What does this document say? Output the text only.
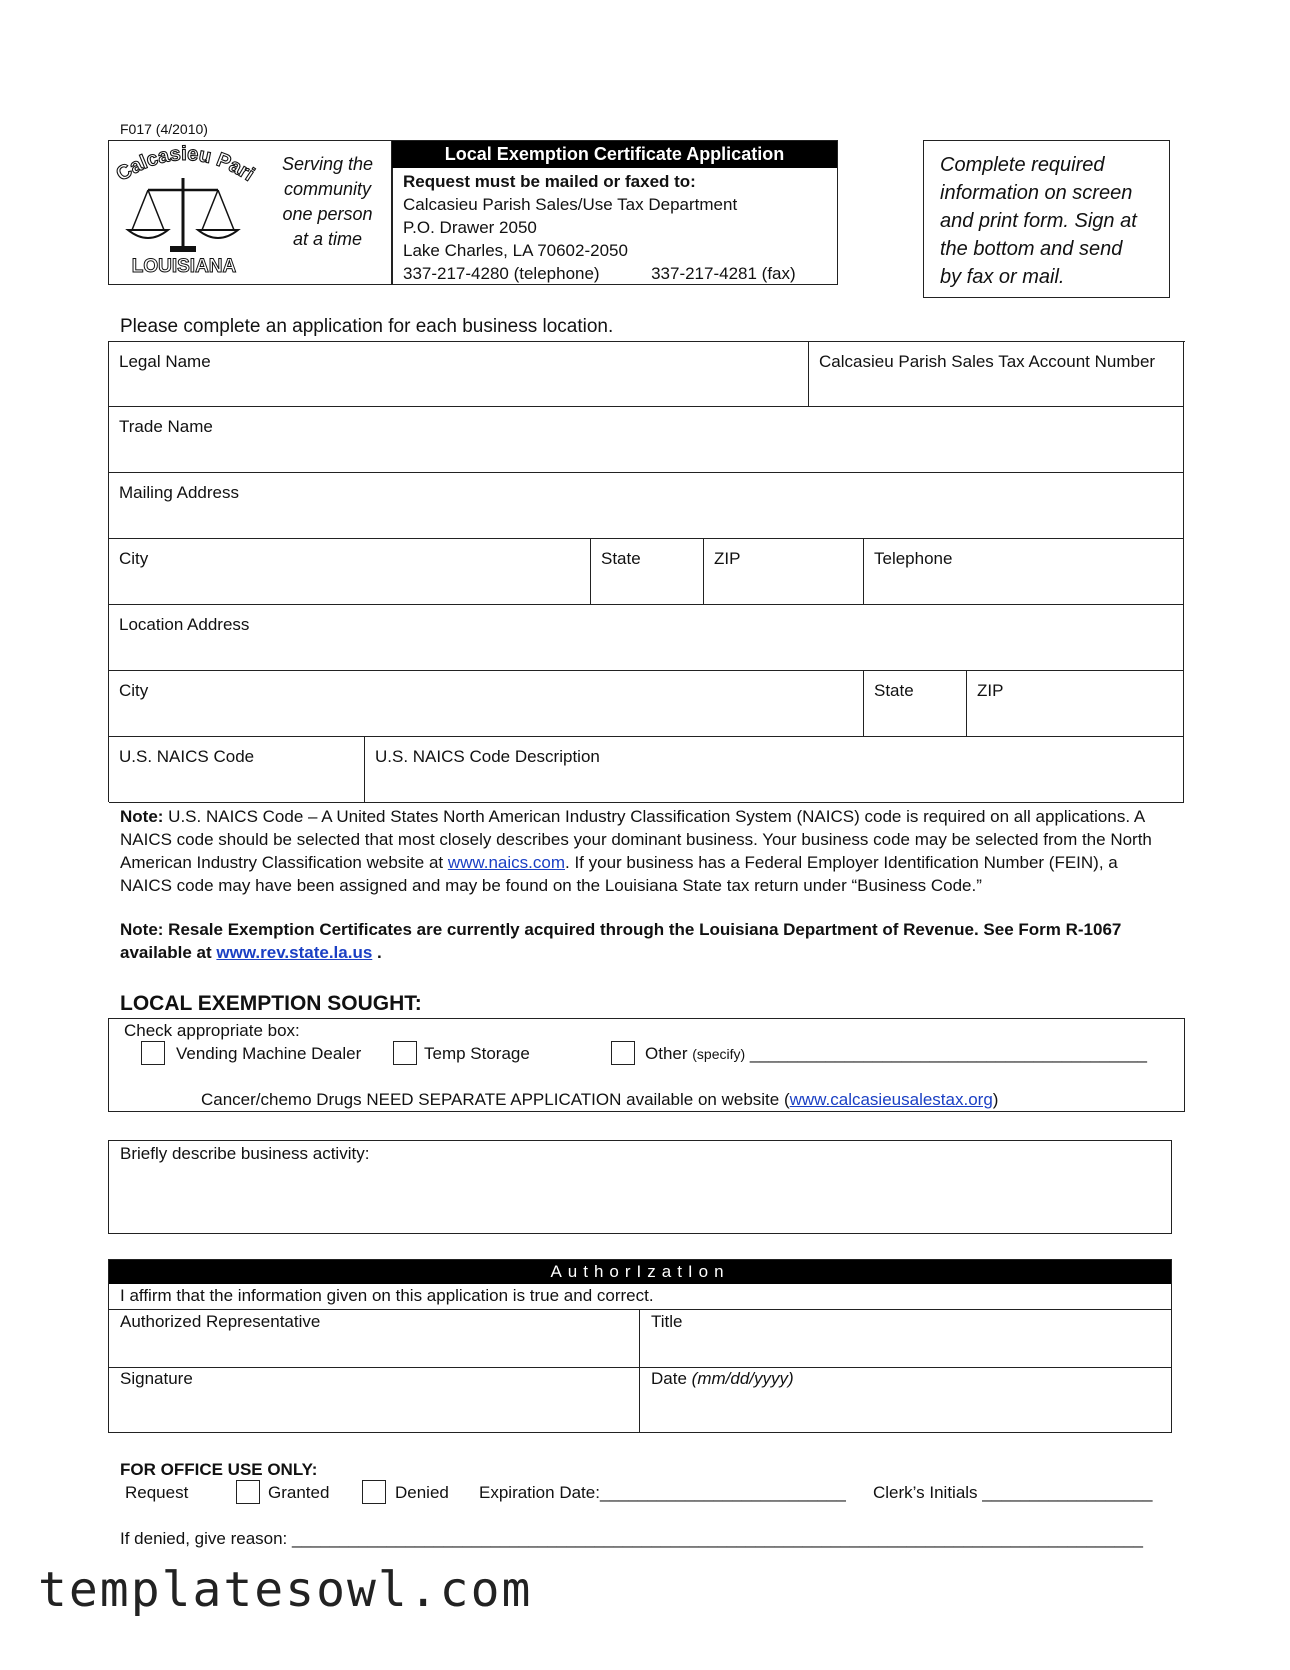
F017 (4/2010)
Calcasieu Pari
LOUISIANA
Serving the
community
one person
at a time
Local Exemption Certificate Application
Request must be mailed or faxed to:
Calcasieu Parish Sales/Use Tax Department
P.O. Drawer 2050
Lake Charles, LA 70602-2050
337-217-4280 (telephone)	337-217-4281 (fax)
Complete required
information on screen
and print form. Sign at
the bottom and send
by fax or mail.
Please complete an application for each business location.
Legal Name	Calcasieu Parish Sales Tax Account Number
Trade Name
Mailing Address
City	State	ZIP	Telephone
Location Address
City	State	ZIP
U.S. NAICS Code	U.S. NAICS Code Description
Note: U.S. NAICS Code – A United States North American Industry Classification System (NAICS) code is required on all applications. A
NAICS code should be selected that most closely describes your dominant business. Your business code may be selected from the North
American Industry Classification website at www.naics.com. If your business has a Federal Employer Identification Number (FEIN), a
NAICS code may have been assigned and may be found on the Louisiana State tax return under “Business Code.”
Note: Resale Exemption Certificates are currently acquired through the Louisiana Department of Revenue. See Form R-1067
available at www.rev.state.la.us .
LOCAL EXEMPTION SOUGHT:
Check appropriate box:
Vending Machine Dealer	Temp Storage	Other (specify) __________________________________________
Cancer/chemo Drugs NEED SEPARATE APPLICATION available on website (www.calcasieusalestax.org)
Briefly describe business activity:
AuthorIzatIon
I affirm that the information given on this application is true and correct.
Authorized Representative	Title
Signature	Date (mm/dd/yyyy)
FOR OFFICE USE ONLY:
Request	Granted	Denied Expiration Date:__________________________ Clerk’s Initials __________________
If denied, give reason: __________________________________________________________________________________________
templatesowl.com
